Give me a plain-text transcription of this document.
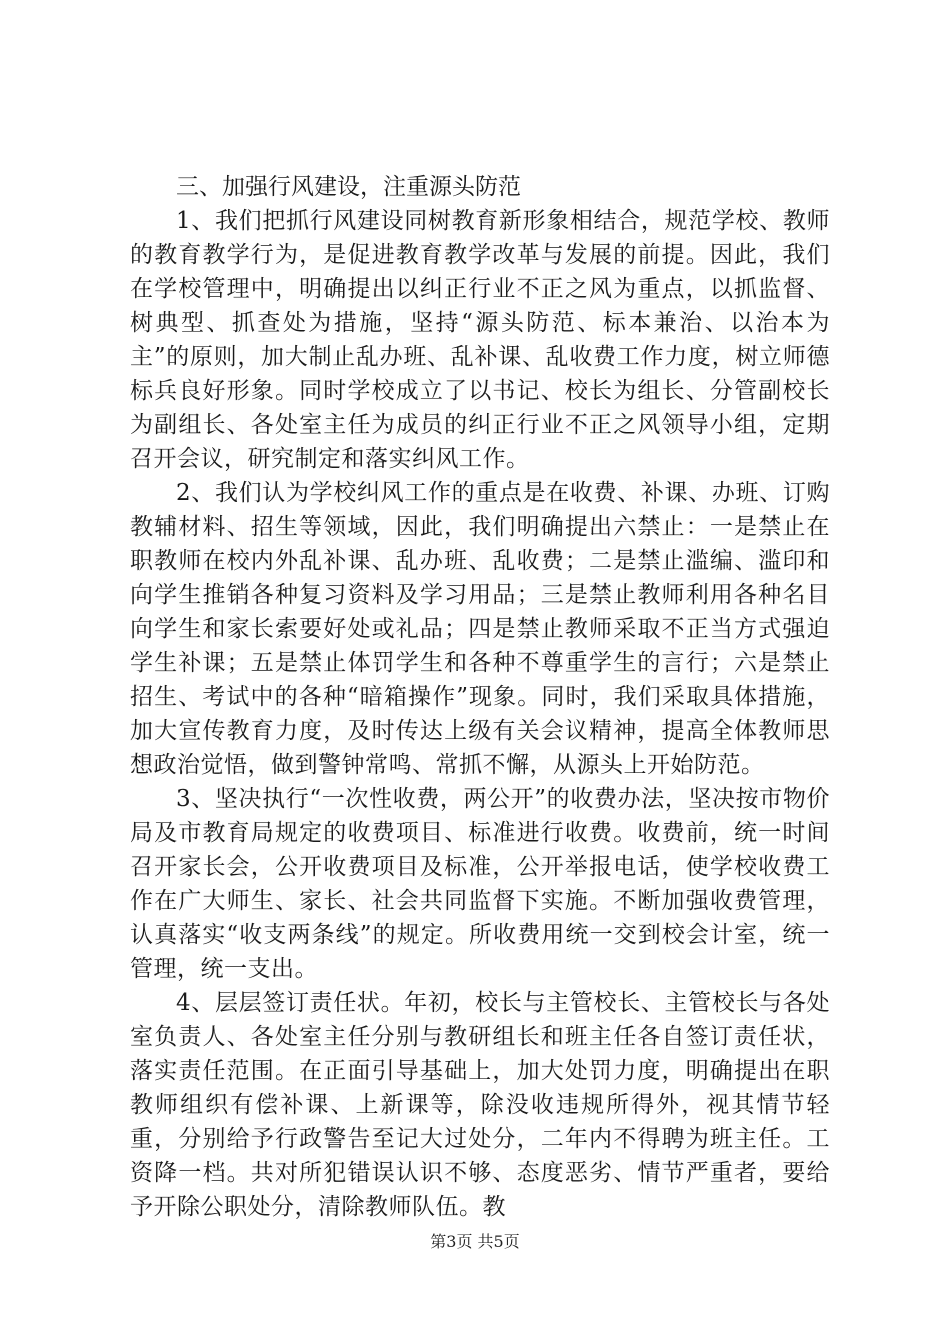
三、加强行风建设，注重源头防范

1、我们把抓行风建设同树教育新形象相结合，规范学校、教师的教育教学行为，是促进教育教学改革与发展的前提。因此，我们在学校管理中，明确提出以纠正行业不正之风为重点，以抓监督、树典型、抓查处为措施，坚持“源头防范、标本兼治、以治本为主”的原则，加大制止乱办班、乱补课、乱收费工作力度，树立师德标兵良好形象。同时学校成立了以书记、校长为组长、分管副校长为副组长、各处室主任为成员的纠正行业不正之风领导小组，定期召开会议，研究制定和落实纠风工作。

2、我们认为学校纠风工作的重点是在收费、补课、办班、订购教辅材料、招生等领域，因此，我们明确提出六禁止：一是禁止在职教师在校内外乱补课、乱办班、乱收费；二是禁止滥编、滥印和向学生推销各种复习资料及学习用品；三是禁止教师利用各种名目向学生和家长索要好处或礼品；四是禁止教师采取不正当方式强迫学生补课；五是禁止体罚学生和各种不尊重学生的言行；六是禁止招生、考试中的各种“暗箱操作”现象。同时，我们采取具体措施，加大宣传教育力度，及时传达上级有关会议精神，提高全体教师思想政治觉悟，做到警钟常鸣、常抓不懈，从源头上开始防范。

3、坚决执行“一次性收费，两公开”的收费办法，坚决按市物价局及市教育局规定的收费项目、标准进行收费。收费前，统一时间召开家长会，公开收费项目及标准，公开举报电话，使学校收费工作在广大师生、家长、社会共同监督下实施。不断加强收费管理，认真落实“收支两条线”的规定。所收费用统一交到校会计室，统一管理，统一支出。

4、层层签订责任状。年初，校长与主管校长、主管校长与各处室负责人、各处室主任分别与教研组长和班主任各自签订责任状，落实责任范围。在正面引导基础上，加大处罚力度，明确提出在职教师组织有偿补课、上新课等，除没收违规所得外，视其情节轻重，分别给予行政警告至记大过处分，二年内不得聘为班主任。工资降一档。共对所犯错误认识不够、态度恶劣、情节严重者，要给予开除公职处分，清除教师队伍。教

第3页 共5页
